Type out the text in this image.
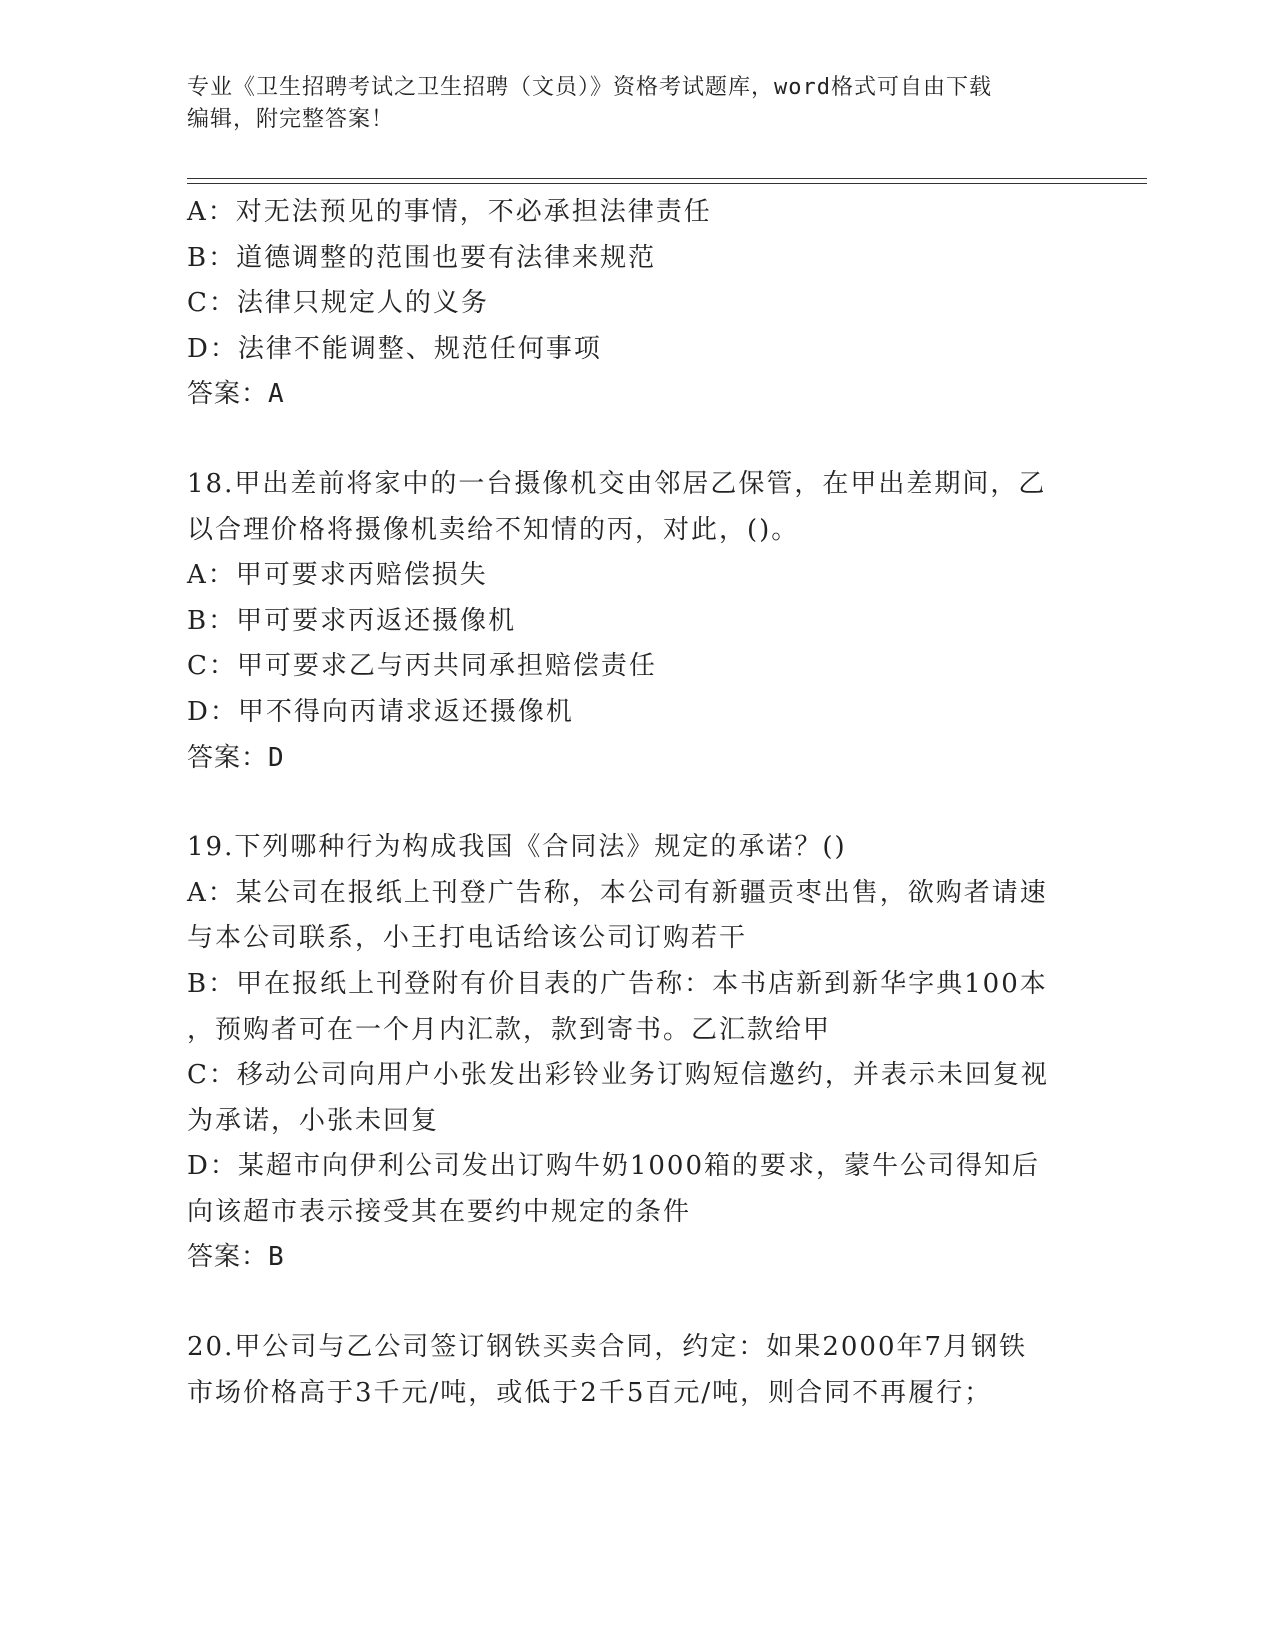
专业《卫生招聘考试之卫生招聘（文员）》资格考试题库，word格式可自由下载
编辑，附完整答案！
A：对无法预见的事情，不必承担法律责任
B：道德调整的范围也要有法律来规范
C：法律只规定人的义务
D：法律不能调整、规范任何事项
答案：A
18.甲出差前将家中的一台摄像机交由邻居乙保管，在甲出差期间，乙
以合理价格将摄像机卖给不知情的丙，对此，()。
A：甲可要求丙赔偿损失
B：甲可要求丙返还摄像机
C：甲可要求乙与丙共同承担赔偿责任
D：甲不得向丙请求返还摄像机
答案：D
19.下列哪种行为构成我国《合同法》规定的承诺？()
A：某公司在报纸上刊登广告称，本公司有新疆贡枣出售，欲购者请速
与本公司联系，小王打电话给该公司订购若干
B：甲在报纸上刊登附有价目表的广告称：本书店新到新华字典100本
，预购者可在一个月内汇款，款到寄书。乙汇款给甲
C：移动公司向用户小张发出彩铃业务订购短信邀约，并表示未回复视
为承诺，小张未回复
D：某超市向伊利公司发出订购牛奶1000箱的要求，蒙牛公司得知后
向该超市表示接受其在要约中规定的条件
答案：B
20.甲公司与乙公司签订钢铁买卖合同，约定：如果2000年7月钢铁
市场价格高于3千元/吨，或低于2千5百元/吨，则合同不再履行；
